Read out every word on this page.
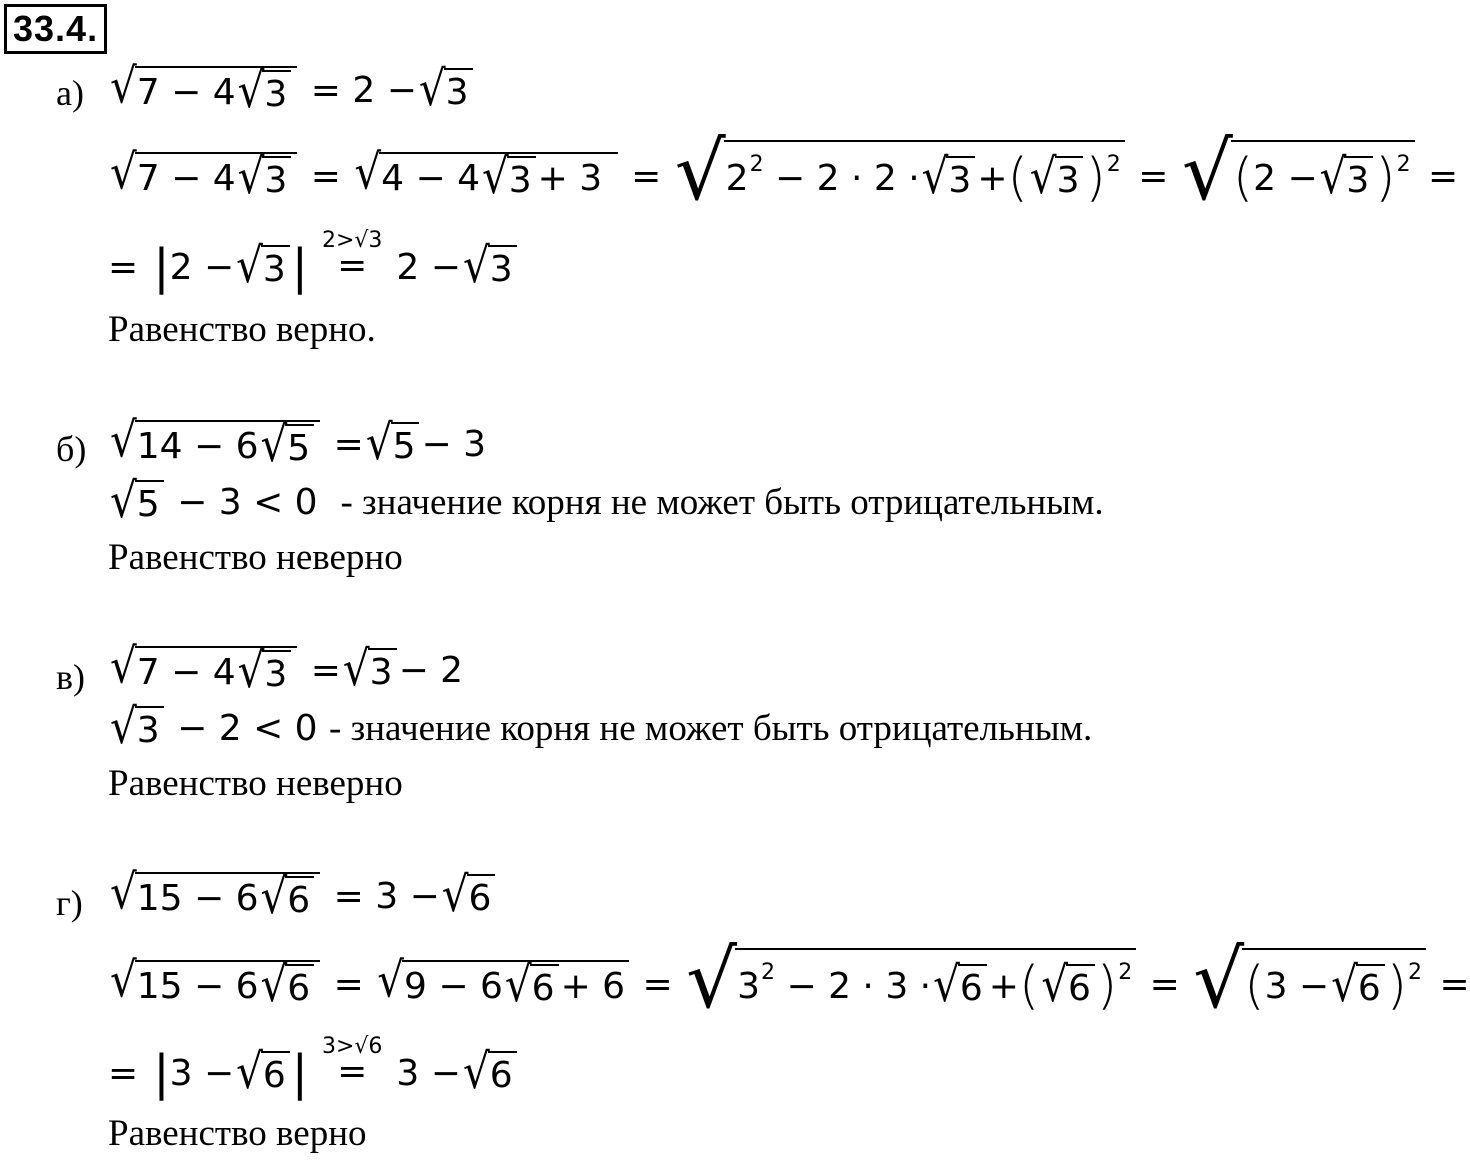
33.4.
а) √ 7 − 4 √ 3 = 2 − √ 3
√ 7 − 4 √ 3 = √ 4 − 4 √ 3 + 3 = √ 2 2 − 2 · 2 · √ 3 + ( √ 3 ) 2 = √ ( 2 − √ 3 ) 2 =
= | 2 − √ 3 | 2>√3
= 2 − √ 3
Равенство верно.
б) √ 14 − 6 √ 5 = √ 5 − 3
√ 5 − 3 < 0 - значение корня не может быть отрицательным.
Равенство неверно
в) √ 7 − 4 √ 3 = √ 3 − 2
√ 3 − 2 < 0 - значение корня не может быть отрицательным.
Равенство неверно
г) √ 15 − 6 √ 6 = 3 − √ 6
√ 15 − 6 √ 6 = √ 9 − 6 √ 6 + 6 = √ 3 2 − 2 · 3 · √ 6 + ( √ 6 ) 2 = √ ( 3 − √ 6 ) 2 =
= | 3 − √ 6 | 3>√6
= 3 − √ 6
Равенство верно
